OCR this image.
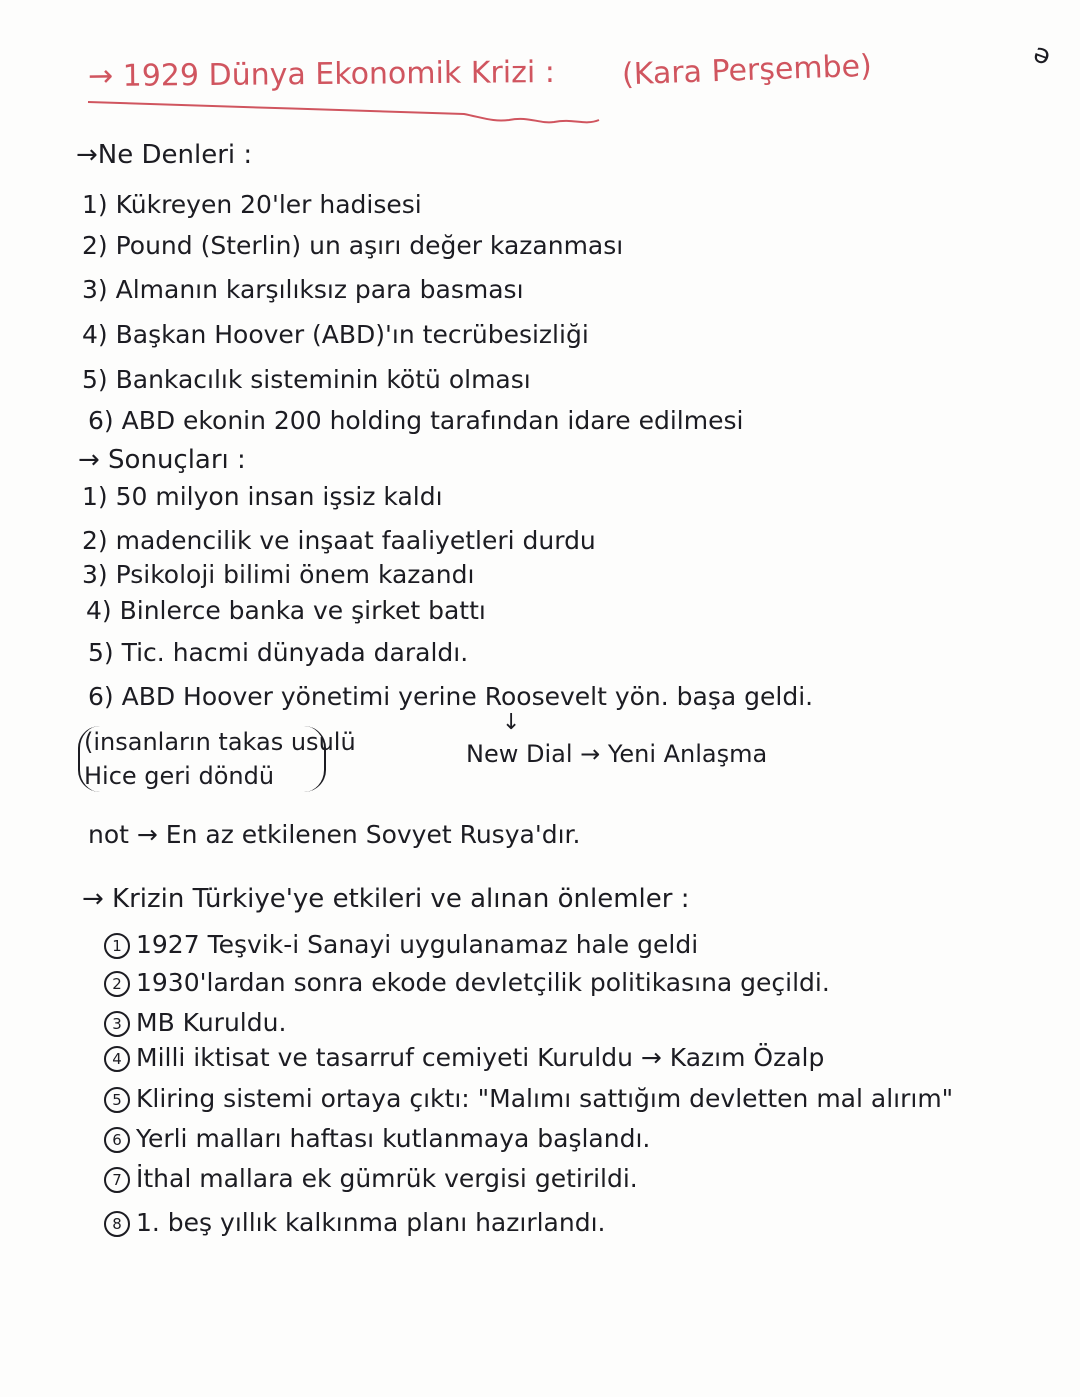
→ 1929 Dünya Ekonomik Krizi : (Kara Perşembe)	ǝ
→Ne Denleri :
1) Kükreyen 20'ler hadisesi
2) Pound (Sterlin) un aşırı değer kazanması
3) Almanın karşılıksız para basması
4) Başkan Hoover (ABD)'ın tecrübesizliği
5) Bankacılık sisteminin kötü olması
6) ABD ekonin 200 holding tarafından idare edilmesi
→ Sonuçları :
1) 50 milyon insan işsiz kaldı
2) madencilik ve inşaat faaliyetleri durdu
3) Psikoloji bilimi önem kazandı
4) Binlerce banka ve şirket battı
5) Tic. hacmi dünyada daraldı.
6) ABD Hoover yönetimi yerine Roosevelt yön. başa geldi.
(insanların takas usulü
Hice geri döndü
↓
New Dial → Yeni Anlaşma
not → En az etkilenen Sovyet Rusya'dır.
→ Krizin Türkiye'ye etkileri ve alınan önlemler :
1 1927 Teşvik-i Sanayi uygulanamaz hale geldi
2 1930'lardan sonra ekode devletçilik politikasına geçildi.
3 MB Kuruldu.
4 Milli iktisat ve tasarruf cemiyeti Kuruldu → Kazım Özalp
5 Kliring sistemi ortaya çıktı: "Malımı sattığım devletten mal alırım"
6 Yerli malları haftası kutlanmaya başlandı.
7 İthal mallara ek gümrük vergisi getirildi.
8 1. beş yıllık kalkınma planı hazırlandı.
